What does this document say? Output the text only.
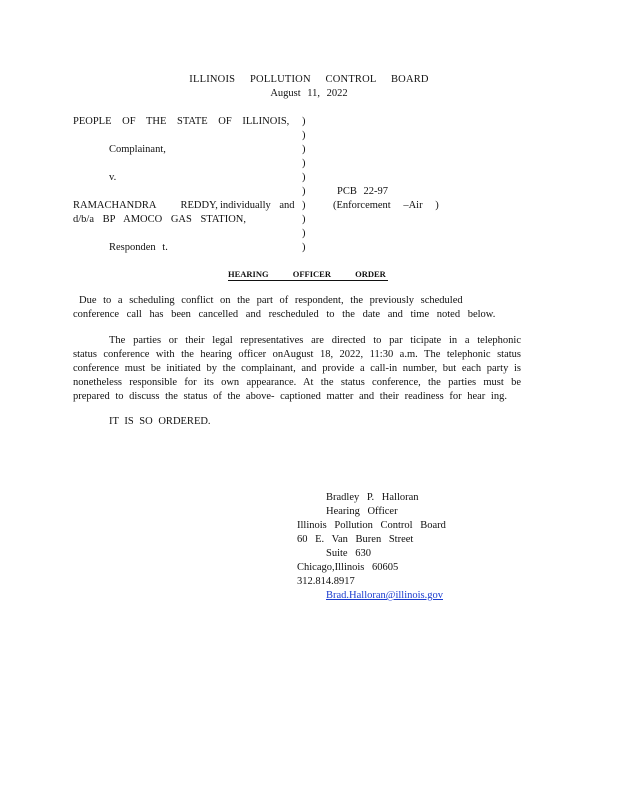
ILLINOIS POLLUTION CONTROL BOARD
August 11, 2022
PEOPLE OF THE STATE OF ILLINOIS,
Complainant,
v.
RAMACHANDRA REDDY, individually and
d/b/a BP AMOCO GAS STATION,
Responden t.
)
)
)
)
)
)
)
)
)
)
PCB 22-97
(Enforcement –Air )
HEARING OFFICER ORDER
Due to a scheduling conflict on the part of respondent, the previously scheduled
conference call has been cancelled and rescheduled to the date and time noted below.

The parties or their legal representatives are directed to par ticipate in a telephonic status conference with the hearing officer onAugust 18, 2022, 11:30 a.m. The telephonic status conference must be initiated by the complainant, and provide a call-in number, but each party is nonetheless responsible for its own appearance. At the status conference, the parties must be prepared to discuss the status of the above- captioned matter and their readiness for hear ing.

IT IS SO ORDERED.
Bradley P. Halloran
Hearing Officer
Illinois Pollution Control Board
60 E. Van Buren Street
Suite 630
Chicago,Illinois 60605
312.814.8917
Brad.Halloran@illinois.gov
